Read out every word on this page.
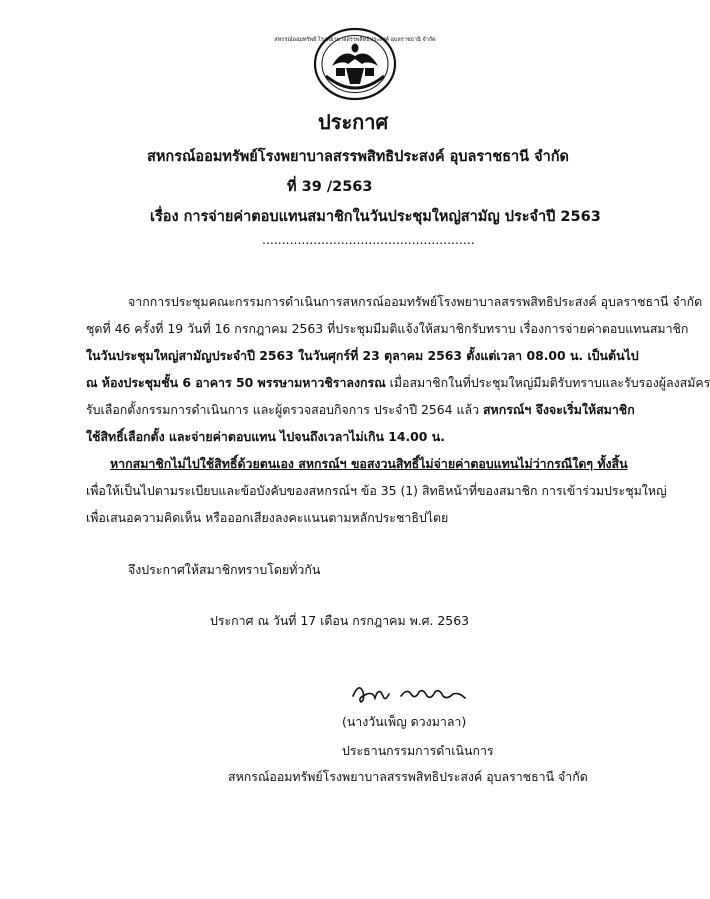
สหกรณ์ออมทรัพย์ โรงพยาบาลสรรพสิทธิประสงค์ อุบลราชธานี จำกัด
ประกาศ
สหกรณ์ออมทรัพย์โรงพยาบาลสรรพสิทธิประสงค์ อุบลราชธานี จำกัด
ที่ 39 /2563
เรื่อง การจ่ายค่าตอบแทนสมาชิกในวันประชุมใหญ่สามัญ ประจำปี 2563
......................................................
จากการประชุมคณะกรรมการดำเนินการสหกรณ์ออมทรัพย์โรงพยาบาลสรรพสิทธิประสงค์ อุบลราชธานี จำกัด
ชุดที่ 46 ครั้งที่ 19 วันที่ 16 กรกฎาคม 2563 ที่ประชุมมีมติแจ้งให้สมาชิกรับทราบ เรื่องการจ่ายค่าตอบแทนสมาชิก
ในวันประชุมใหญ่สามัญประจำปี 2563 ในวันศุกร์ที่ 23 ตุลาคม 2563 ตั้งแต่เวลา 08.00 น. เป็นต้นไป
ณ ห้องประชุมชั้น 6 อาคาร 50 พรรษามหาวชิราลงกรณ เมื่อสมาชิกในที่ประชุมใหญ่มีมติรับทราบและรับรองผู้ลงสมัคร
รับเลือกตั้งกรรมการดำเนินการ และผู้ตรวจสอบกิจการ ประจำปี 2564 แล้ว สหกรณ์ฯ จึงจะเริ่มให้สมาชิก
ใช้สิทธิ์เลือกตั้ง และจ่ายค่าตอบแทน ไปจนถึงเวลาไม่เกิน 14.00 น.
หากสมาชิกไม่ไปใช้สิทธิ์ด้วยตนเอง สหกรณ์ฯ ขอสงวนสิทธิ์ไม่จ่ายค่าตอบแทนไม่ว่ากรณีใดๆ ทั้งสิ้น
เพื่อให้เป็นไปตามระเบียบและข้อบังคับของสหกรณ์ฯ ข้อ 35 (1) สิทธิหน้าที่ของสมาชิก การเข้าร่วมประชุมใหญ่
เพื่อเสนอความคิดเห็น หรือออกเสียงลงคะแนนตามหลักประชาธิปไตย
จึงประกาศให้สมาชิกทราบโดยทั่วกัน
ประกาศ ณ วันที่ 17 เดือน กรกฎาคม พ.ศ. 2563
(นางวันเพ็ญ ดวงมาลา)
ประธานกรรมการดำเนินการ
สหกรณ์ออมทรัพย์โรงพยาบาลสรรพสิทธิประสงค์ อุบลราชธานี จำกัด
